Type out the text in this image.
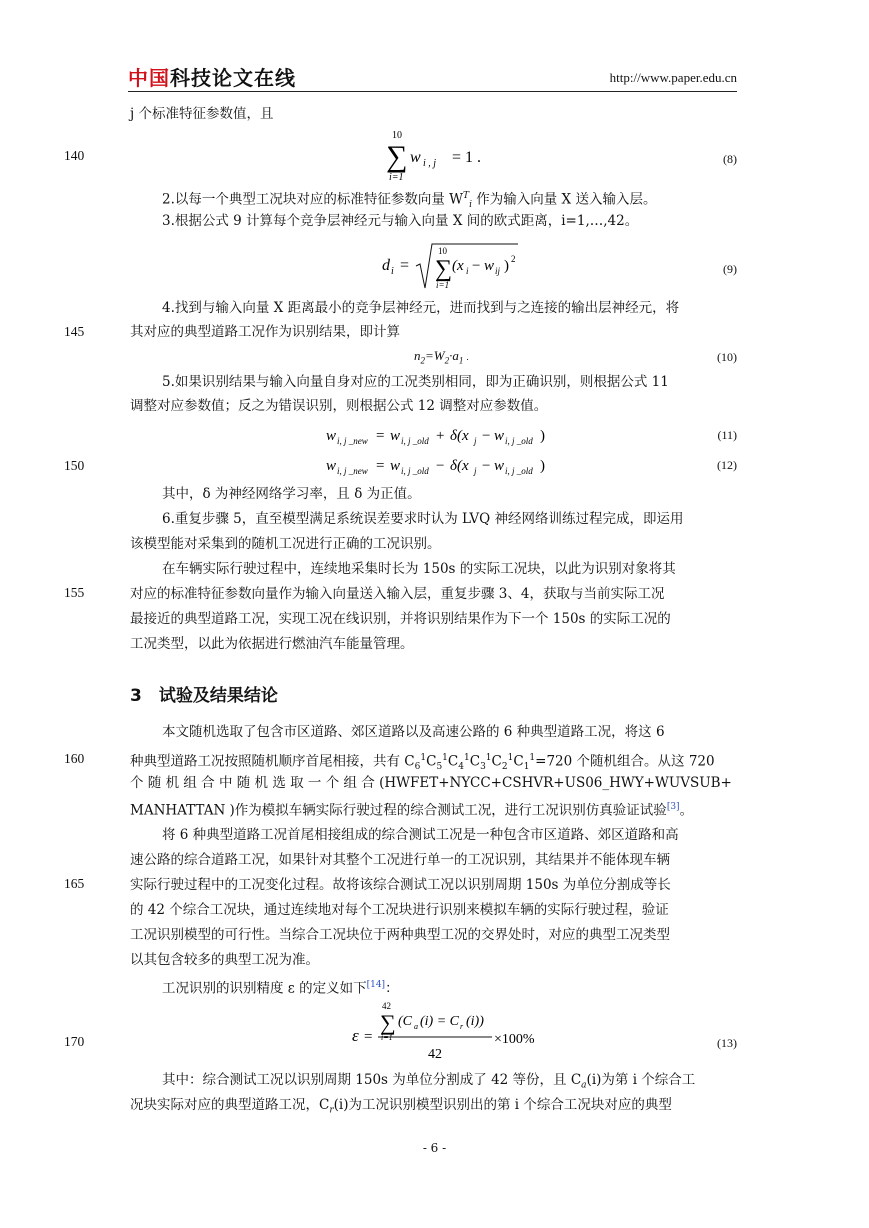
中国科技论文在线	http://www.paper.edu.cn
j 个标准特征参数值，且
140
10
∑
i=1
w i , j = 1 .	(8)
2.以每一个典型工况块对应的标准特征参数向量 $W^T_i$ 作为输入向量 X 送入输入层。
3.根据公式 9 计算每个竞争层神经元与输入向量 X 间的欧式距离，i=1,…,42。
d i =
10
∑
i=1
(x i − w ij ) 2
(9)
4.找到与输入向量 X 距离最小的竞争层神经元，进而找到与之连接的输出层神经元，将
145	其对应的典型道路工况作为识别结果，即计算
$n_2=W_2\cdot a_1$ .	(10)
5.如果识别结果与输入向量自身对应的工况类别相同，即为正确识别，则根据公式 11
调整对应参数值；反之为错误识别，则根据公式 12 调整对应参数值。
w i, j _new = w i, j _old + δ(x j − w i, j _old )	(11)
150	w i, j _new = w i, j _old − δ(x j − w i, j _old )	(12)
其中，δ 为神经网络学习率，且 δ 为正值。
6.重复步骤 5，直至模型满足系统误差要求时认为 LVQ 神经网络训练过程完成，即运用
该模型能对采集到的随机工况进行正确的工况识别。
在车辆实际行驶过程中，连续地采集时长为 150s 的实际工况块，以此为识别对象将其
155	对应的标准特征参数向量作为输入向量送入输入层，重复步骤 3、4，获取与当前实际工况
最接近的典型道路工况，实现工况在线识别，并将识别结果作为下一个 150s 的实际工况的
工况类型，以此为依据进行燃油汽车能量管理。
3　试验及结果结论
本文随机选取了包含市区道路、郊区道路以及高速公路的 6 种典型道路工况，将这 6
160	种典型道路工况按照随机顺序首尾相接，共有 $C_6^1C_5^1C_4^1C_3^1C_2^1C_1^1=720$ 个随机组合。从这 720
个 随 机 组 合 中 随 机 选 取 一 个 组 合 (HWFET+NYCC+CSHVR+US06_HWY+WUVSUB+
MANHATTAN )作为模拟车辆实际行驶过程的综合测试工况，进行工况识别仿真验证试验[3]。
将 6 种典型道路工况首尾相接组成的综合测试工况是一种包含市区道路、郊区道路和高
速公路的综合道路工况，如果针对其整个工况进行单一的工况识别，其结果并不能体现车辆
165	实际行驶过程中的工况变化过程。故将该综合测试工况以识别周期 150s 为单位分割成等长
的 42 个综合工况块，通过连续地对每个工况块进行识别来模拟车辆的实际行驶过程，验证
工况识别模型的可行性。当综合工况块位于两种典型工况的交界处时，对应的典型工况类型
以其包含较多的典型工况为准。
工况识别的识别精度 ε 的定义如下[14]：
170	ε =
42
∑
i=1
(C a (i) = C r (i))
42
×100%	(13)
其中：综合测试工况以识别周期 150s 为单位分割成了 42 等份，且 $C_a(i)$为第 i 个综合工
况块实际对应的典型道路工况，$C_r(i)$为工况识别模型识别出的第 i 个综合工况块对应的典型
- 6 -
